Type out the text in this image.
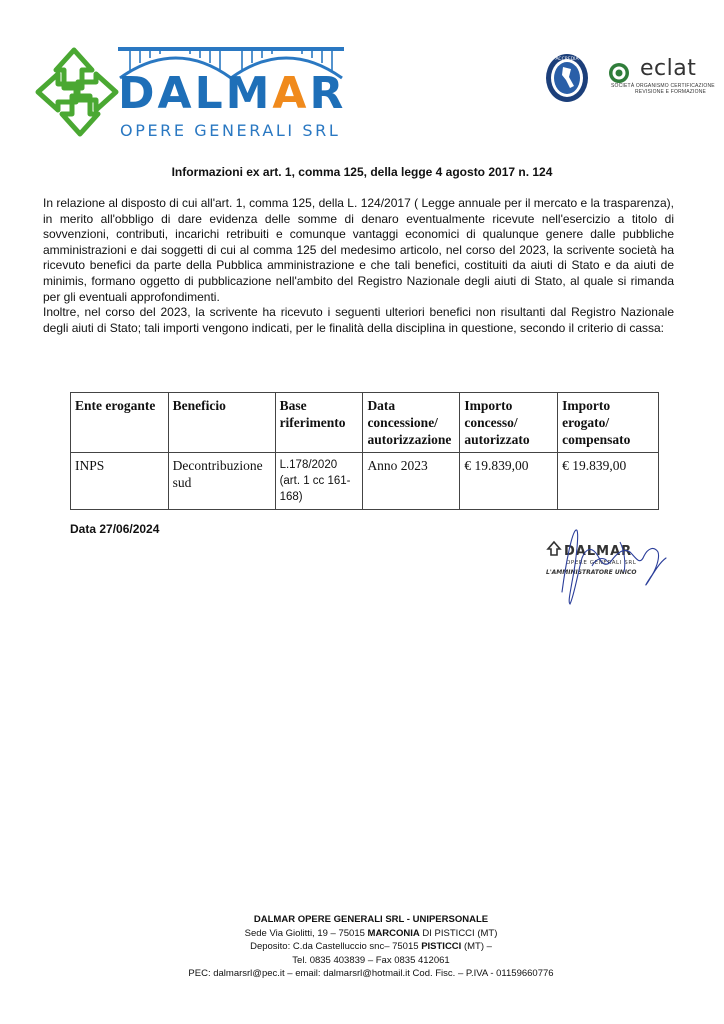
DALMAR
OPERE GENERALI SRL
ACCREDIA	eclat
SOCIETÀ ORGANISMO CERTIFICAZIONE
REVISIONE E FORMAZIONE
Informazioni ex art. 1, comma 125, della legge 4 agosto 2017 n. 124

In relazione al disposto di cui all'art. 1, comma 125, della L. 124/2017 ( Legge annuale per il mercato e la trasparenza), in merito all'obbligo di dare evidenza delle somme di denaro eventualmente ricevute nell'esercizio a titolo di sovvenzioni, contributi, incarichi retribuiti e comunque vantaggi economici di qualunque genere dalle pubbliche amministrazioni e dai soggetti di cui al comma 125 del medesimo articolo, nel corso del 2023, la scrivente società ha ricevuto benefici da parte della Pubblica amministrazione e che tali benefici, costituiti da aiuti di Stato e da aiuti de minimis, formano oggetto di pubblicazione nell'ambito del Registro Nazionale degli aiuti di Stato, al quale si rimanda per gli eventuali approfondimenti.

Inoltre, nel corso del 2023, la scrivente ha ricevuto i seguenti ulteriori benefici non risultanti dal Registro Nazionale degli aiuti di Stato; tali importi vengono indicati, per le finalità della disciplina in questione, secondo il criterio di cassa:

Ente erogante	Beneficio	Base riferimento	Data concessione/ autorizzazione	Importo concesso/ autorizzato	Importo erogato/ compensato
INPS	Decontribuzione sud	L.178/2020 (art. 1 cc 161-168)	Anno 2023	€ 19.839,00	€ 19.839,00
Data 27/06/2024
DALMAR
OPERE GENERALI SRL
L'AMMINISTRATORE UNICO
DALMAR OPERE GENERALI SRL - UNIPERSONALE
Sede Via Giolitti, 19 – 75015 MARCONIA DI PISTICCI (MT)
Deposito: C.da Castelluccio snc– 75015 PISTICCI (MT) –
Tel. 0835 403839 – Fax 0835 412061
PEC: dalmarsrl@pec.it – email: dalmarsrl@hotmail.it Cod. Fisc. – P.IVA - 01159660776
